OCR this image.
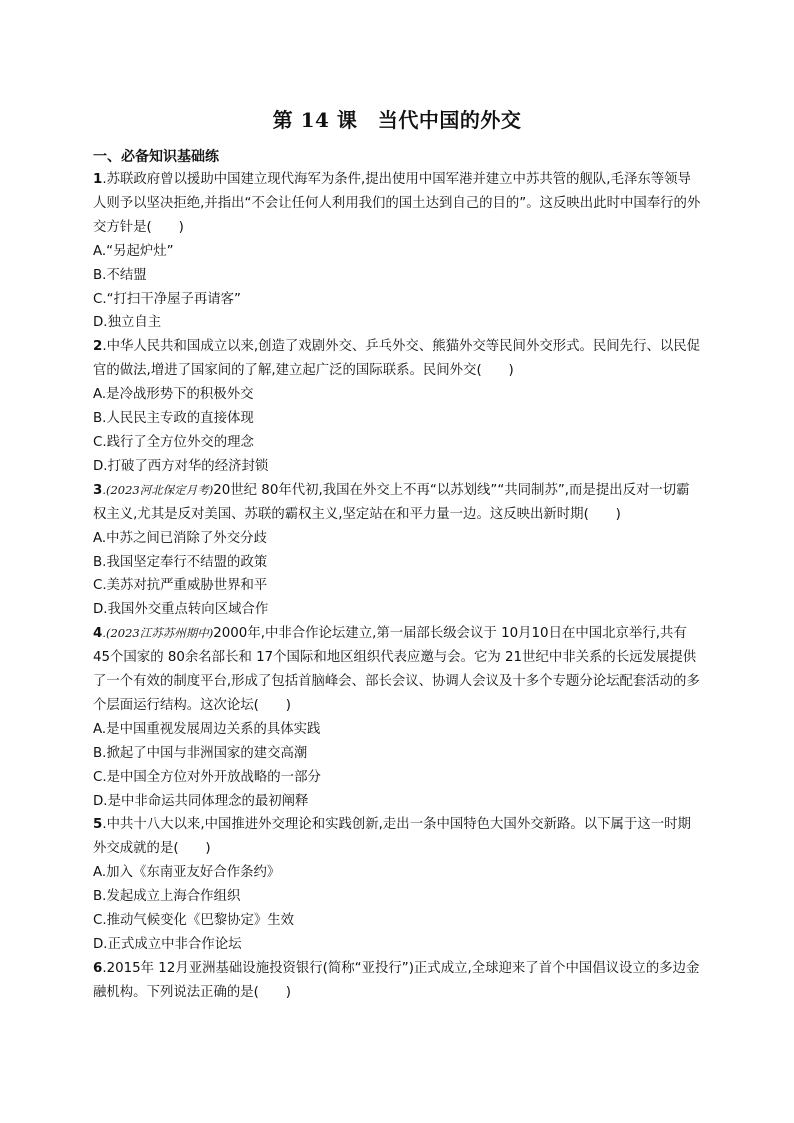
第 14 课　当代中国的外交
一、必备知识基础练

1.苏联政府曾以援助中国建立现代海军为条件,提出使用中国军港并建立中苏共管的舰队,毛泽东等领导人则予以坚决拒绝,并指出“不会让任何人利用我们的国土达到自己的目的”。这反映出此时中国奉行的外交方针是(　　)

A.“另起炉灶”

B.不结盟

C.“打扫干净屋子再请客”

D.独立自主

2.中华人民共和国成立以来,创造了戏剧外交、乒乓外交、熊猫外交等民间外交形式。民间先行、以民促官的做法,增进了国家间的了解,建立起广泛的国际联系。民间外交(　　)

A.是冷战形势下的积极外交

B.人民民主专政的直接体现

C.践行了全方位外交的理念

D.打破了西方对华的经济封锁

3.(2023河北保定月考)20世纪 80年代初,我国在外交上不再“以苏划线”“共同制苏”,而是提出反对一切霸权主义,尤其是反对美国、苏联的霸权主义,坚定站在和平力量一边。这反映出新时期(　　)

A.中苏之间已消除了外交分歧

B.我国坚定奉行不结盟的政策

C.美苏对抗严重威胁世界和平

D.我国外交重点转向区域合作

4.(2023江苏苏州期中)2000年,中非合作论坛建立,第一届部长级会议于 10月10日在中国北京举行,共有 45个国家的 80余名部长和 17个国际和地区组织代表应邀与会。它为 21世纪中非关系的长远发展提供了一个有效的制度平台,形成了包括首脑峰会、部长会议、协调人会议及十多个专题分论坛配套活动的多个层面运行结构。这次论坛(　　)

A.是中国重视发展周边关系的具体实践

B.掀起了中国与非洲国家的建交高潮

C.是中国全方位对外开放战略的一部分

D.是中非命运共同体理念的最初阐释

5.中共十八大以来,中国推进外交理论和实践创新,走出一条中国特色大国外交新路。以下属于这一时期外交成就的是(　　)

A.加入《东南亚友好合作条约》

B.发起成立上海合作组织

C.推动气候变化《巴黎协定》生效

D.正式成立中非合作论坛

6.2015年 12月亚洲基础设施投资银行(简称“亚投行”)正式成立,全球迎来了首个中国倡议设立的多边金融机构。下列说法正确的是(　　)
